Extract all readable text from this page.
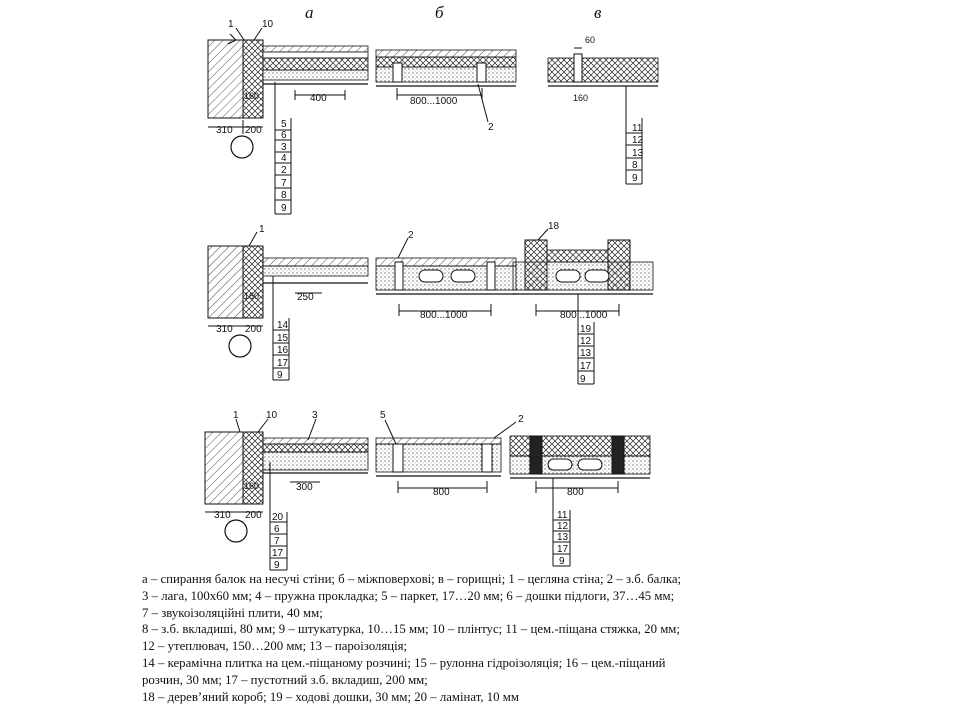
а	б	в
400
160
310 200
1	10
5
6
3
4
2
7
8
9
800...1000
2
60
160
11
12
13
8
9
250
160
310 200
1
14
15
16
17
9
800...1000
2
800...1000
18
19
12
13
17
9
300
160
310 200
1	10	3
20
6
7
17
9
800
5	2
800
11
12
13
17
9

а – спирання балок на несучі стіни; б – міжповерхові; в – горищні; 1 – цегляна стіна; 2 – з.б. балка; 3 – лага, 100х60 мм; 4 – пружна прокладка; 5 – паркет, 17…20 мм; 6 – дошки підлоги, 37…45 мм; 7 – звукоізоляційні плити, 40 мм;

8 – з.б. вкладиші, 80 мм; 9 – штукатурка, 10…15 мм; 10 – плінтус; 11 – цем.-піщана стяжка, 20 мм; 12 – утеплювач, 150…200 мм; 13 – пароізоляція;

14 – керамічна плитка на цем.-піщаному розчині; 15 – рулонна гідроізоляція; 16 – цем.-піщаний розчин, 30 мм; 17 – пустотний з.б. вкладиш, 200 мм;

18 – дерев’яний короб; 19 – ходові дошки, 30 мм; 20 – ламінат, 10 мм
